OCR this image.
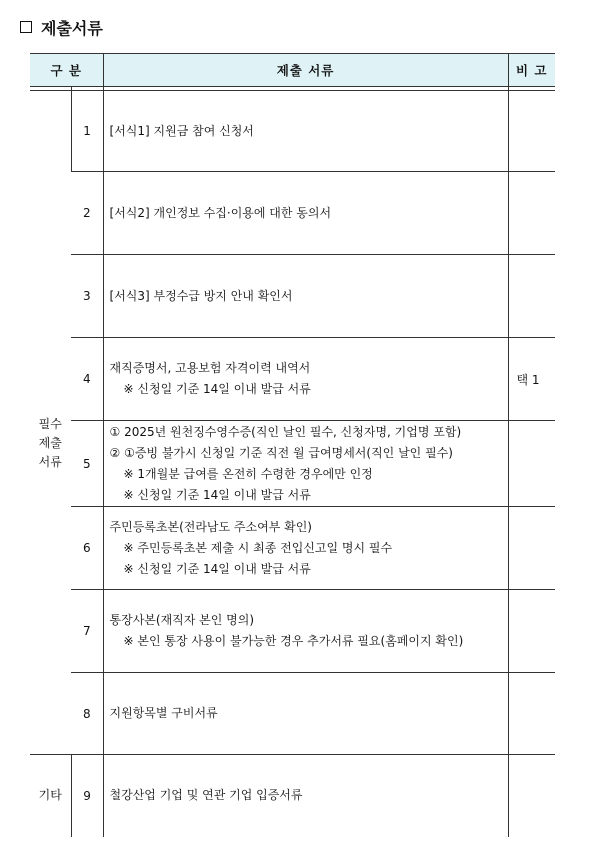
제출서류
구 분		제출 서류	비 고

필수
제출
서류	1	[서식1] 지원금 참여 신청서	

	2	[서식2] 개인정보 수집·이용에 대한 동의서	

	3	[서식3] 부정수급 방지 안내 확인서	

	4	재직증명서, 고용보험 자격이력 내역서
※ 신청일 기준 14일 이내 발급 서류	택 1
	5	① 2025년 원천징수영수증(직인 날인 필수, 신청자명, 기업명 포함)
② ①증빙 불가시 신청일 기준 직전 월 급여명세서(직인 날인 필수)
※ 1개월분 급여를 온전히 수령한 경우에만 인정
※ 신청일 기준 14일 이내 발급 서류	

	6	주민등록초본(전라남도 주소여부 확인)
※ 주민등록초본 제출 시 최종 전입신고일 명시 필수
※ 신청일 기준 14일 이내 발급 서류	

	7	통장사본(재직자 본인 명의)
※ 본인 통장 사용이 불가능한 경우 추가서류 필요(홈페이지 확인)	

	8	지원항목별 구비서류	

기타	9	철강산업 기업 및 연관 기업 입증서류	
